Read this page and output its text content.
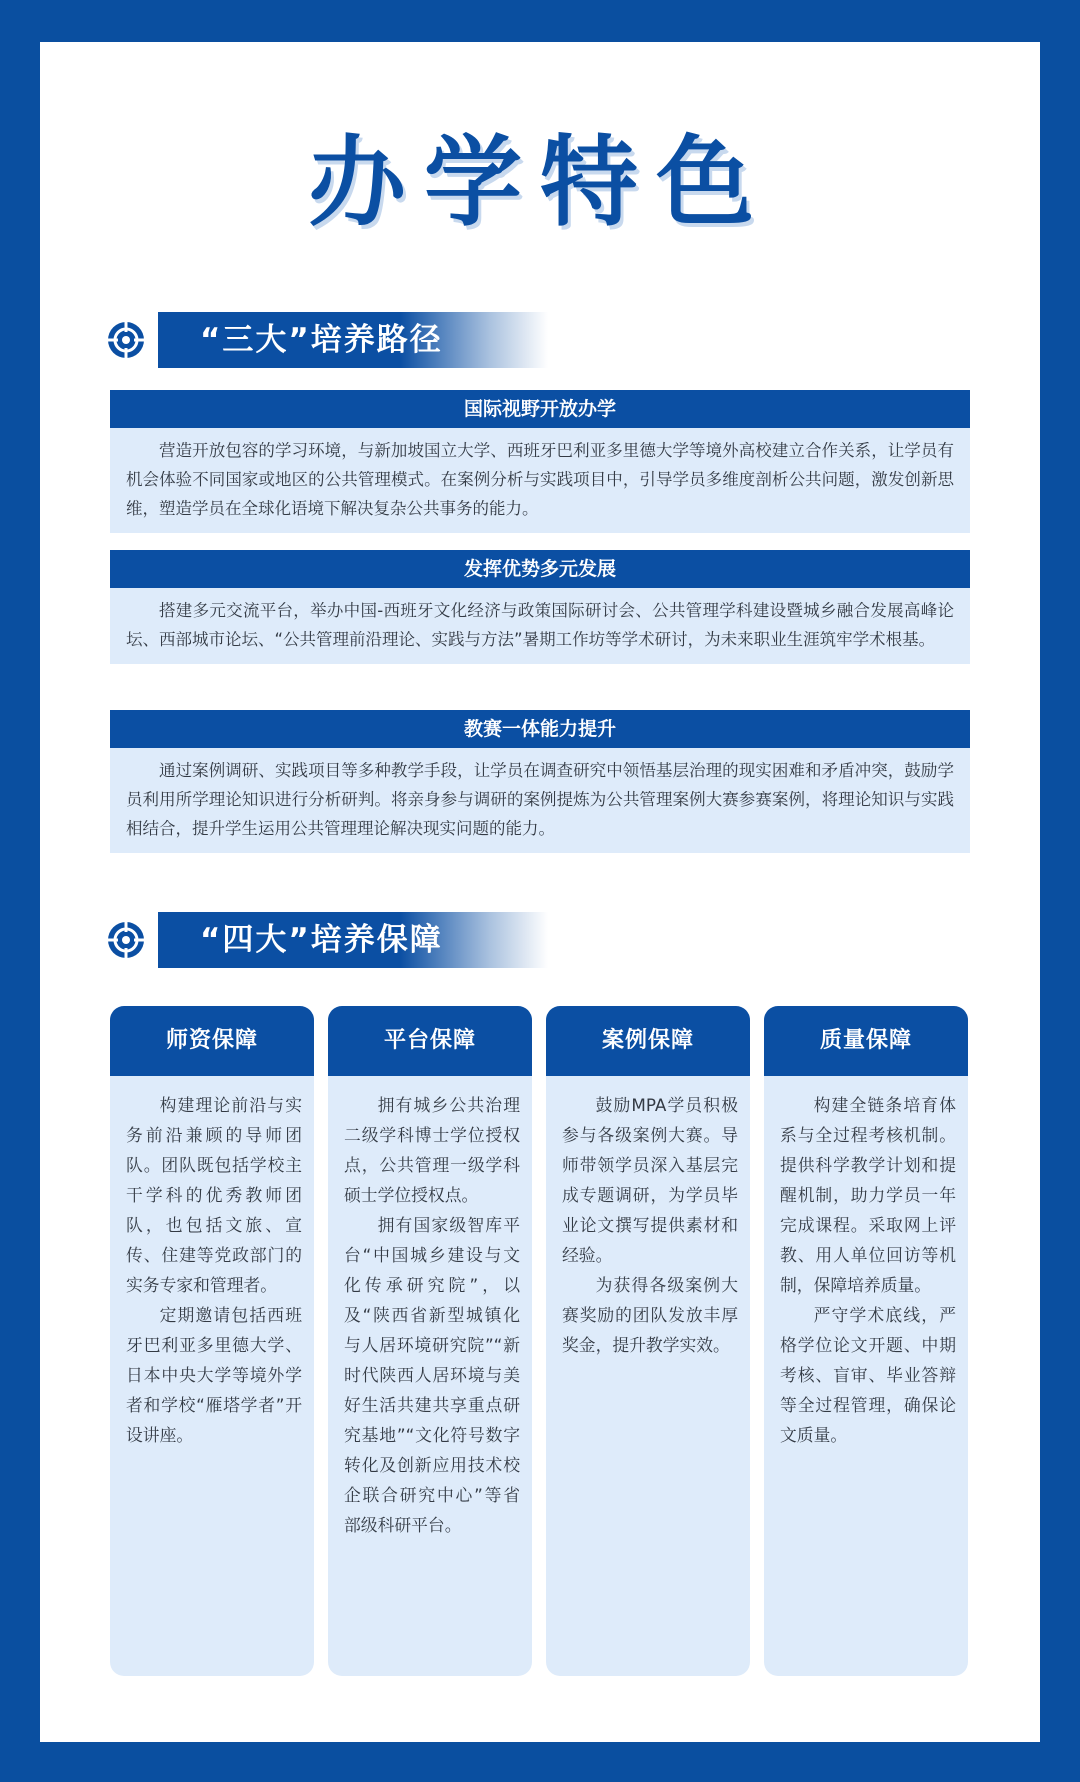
办学特色
“三大”培养路径
国际视野开放办学
营造开放包容的学习环境，与新加坡国立大学、西班牙巴利亚多里德大学等境外高校建立合作关系，让学员有机会体验不同国家或地区的公共管理模式。在案例分析与实践项目中，引导学员多维度剖析公共问题，激发创新思维，塑造学员在全球化语境下解决复杂公共事务的能力。
发挥优势多元发展
搭建多元交流平台，举办中国-西班牙文化经济与政策国际研讨会、公共管理学科建设暨城乡融合发展高峰论坛、西部城市论坛、“公共管理前沿理论、实践与方法”暑期工作坊等学术研讨，为未来职业生涯筑牢学术根基。
教赛一体能力提升
通过案例调研、实践项目等多种教学手段，让学员在调查研究中领悟基层治理的现实困难和矛盾冲突，鼓励学员利用所学理论知识进行分析研判。将亲身参与调研的案例提炼为公共管理案例大赛参赛案例，将理论知识与实践相结合，提升学生运用公共管理理论解决现实问题的能力。
“四大”培养保障
师资保障

构建理论前沿与实务前沿兼顾的导师团队。团队既包括学校主干学科的优秀教师团队，也包括文旅、宣传、住建等党政部门的实务专家和管理者。

定期邀请包括西班牙巴利亚多里德大学、日本中央大学等境外学者和学校“雁塔学者”开设讲座。

平台保障

拥有城乡公共治理二级学科博士学位授权点，公共管理一级学科硕士学位授权点。

拥有国家级智库平台“中国城乡建设与文化传承研究院”，以及“陕西省新型城镇化与人居环境研究院”“新时代陕西人居环境与美好生活共建共享重点研究基地”“文化符号数字转化及创新应用技术校企联合研究中心”等省部级科研平台。

案例保障

鼓励MPA学员积极参与各级案例大赛。导师带领学员深入基层完成专题调研，为学员毕业论文撰写提供素材和经验。

为获得各级案例大赛奖励的团队发放丰厚奖金，提升教学实效。

质量保障

构建全链条培育体系与全过程考核机制。提供科学教学计划和提醒机制，助力学员一年完成课程。采取网上评教、用人单位回访等机制，保障培养质量。

严守学术底线，严格学位论文开题、中期考核、盲审、毕业答辩等全过程管理，确保论文质量。
